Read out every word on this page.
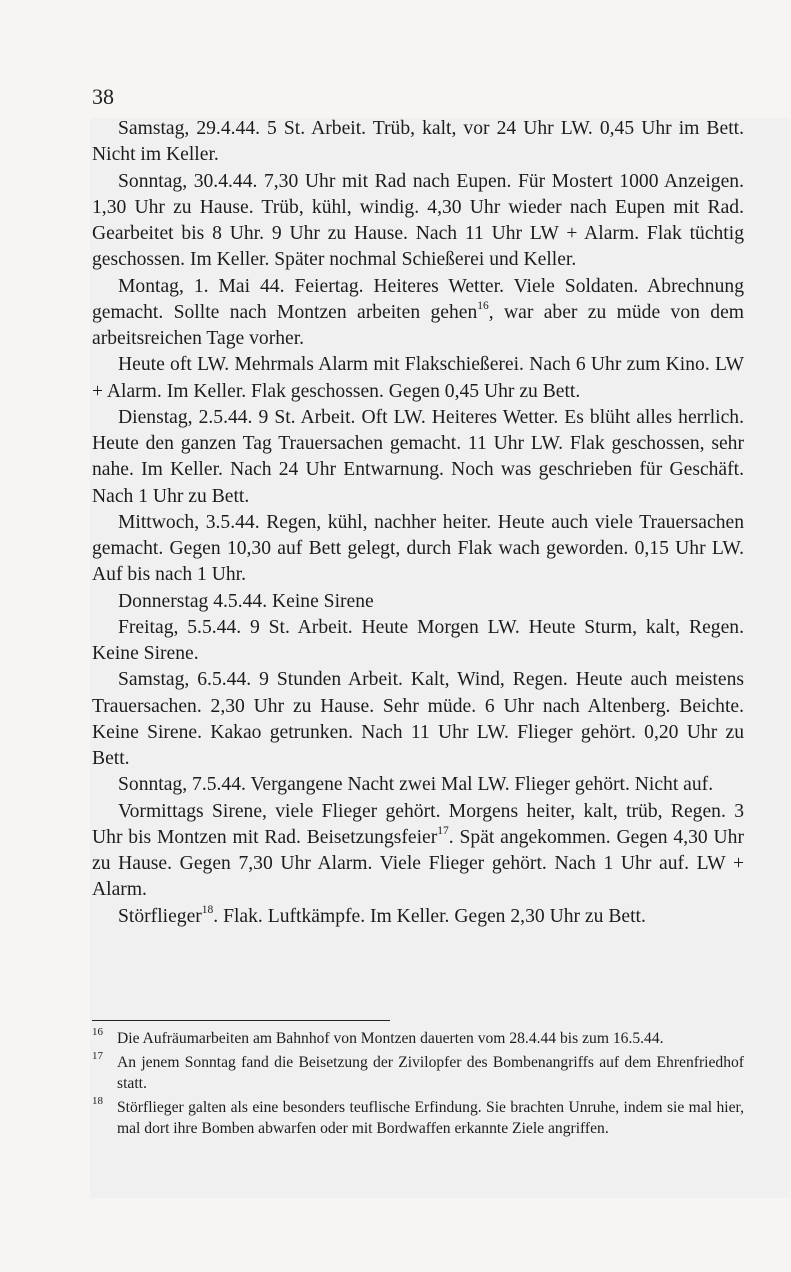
38

Samstag, 29.4.44. 5 St. Arbeit. Trüb, kalt, vor 24 Uhr LW. 0,45 Uhr im Bett. Nicht im Keller.

Sonntag, 30.4.44. 7,30 Uhr mit Rad nach Eupen. Für Mostert 1000 Anzeigen. 1,30 Uhr zu Hause. Trüb, kühl, windig. 4,30 Uhr wieder nach Eupen mit Rad. Gearbeitet bis 8 Uhr. 9 Uhr zu Hause. Nach 11 Uhr LW + Alarm. Flak tüchtig geschossen. Im Keller. Später nochmal Schießerei und Keller.

Montag, 1. Mai 44. Feiertag. Heiteres Wetter. Viele Soldaten. Abrechnung gemacht. Sollte nach Montzen arbeiten gehen$^{16}$, war aber zu müde von dem arbeitsreichen Tage vorher.

Heute oft LW. Mehrmals Alarm mit Flakschießerei. Nach 6 Uhr zum Kino. LW + Alarm. Im Keller. Flak geschossen. Gegen 0,45 Uhr zu Bett.

Dienstag, 2.5.44. 9 St. Arbeit. Oft LW. Heiteres Wetter. Es blüht alles herrlich. Heute den ganzen Tag Trauersachen gemacht. 11 Uhr LW. Flak geschossen, sehr nahe. Im Keller. Nach 24 Uhr Entwarnung. Noch was geschrieben für Geschäft. Nach 1 Uhr zu Bett.

Mittwoch, 3.5.44. Regen, kühl, nachher heiter. Heute auch viele Trauersachen gemacht. Gegen 10,30 auf Bett gelegt, durch Flak wach geworden. 0,15 Uhr LW. Auf bis nach 1 Uhr.

Donnerstag 4.5.44. Keine Sirene

Freitag, 5.5.44. 9 St. Arbeit. Heute Morgen LW. Heute Sturm, kalt, Regen. Keine Sirene.

Samstag, 6.5.44. 9 Stunden Arbeit. Kalt, Wind, Regen. Heute auch meistens Trauersachen. 2,30 Uhr zu Hause. Sehr müde. 6 Uhr nach Altenberg. Beichte. Keine Sirene. Kakao getrunken. Nach 11 Uhr LW. Flieger gehört. 0,20 Uhr zu Bett.

Sonntag, 7.5.44. Vergangene Nacht zwei Mal LW. Flieger gehört. Nicht auf.

Vormittags Sirene, viele Flieger gehört. Morgens heiter, kalt, trüb, Regen. 3 Uhr bis Montzen mit Rad. Beisetzungsfeier$^{17}$. Spät angekommen. Gegen 4,30 Uhr zu Hause. Gegen 7,30 Uhr Alarm. Viele Flieger gehört. Nach 1 Uhr auf. LW + Alarm.

Störflieger$^{18}$. Flak. Luftkämpfe. Im Keller. Gegen 2,30 Uhr zu Bett.

16 Die Aufräumarbeiten am Bahnhof von Montzen dauerten vom 28.4.44 bis zum 16.5.44.
17 An jenem Sonntag fand die Beisetzung der Zivilopfer des Bombenangriffs auf dem Ehrenfriedhof statt.
18 Störflieger galten als eine besonders teuflische Erfindung. Sie brachten Unruhe, indem sie mal hier, mal dort ihre Bomben abwarfen oder mit Bordwaffen erkannte Ziele angriffen.
